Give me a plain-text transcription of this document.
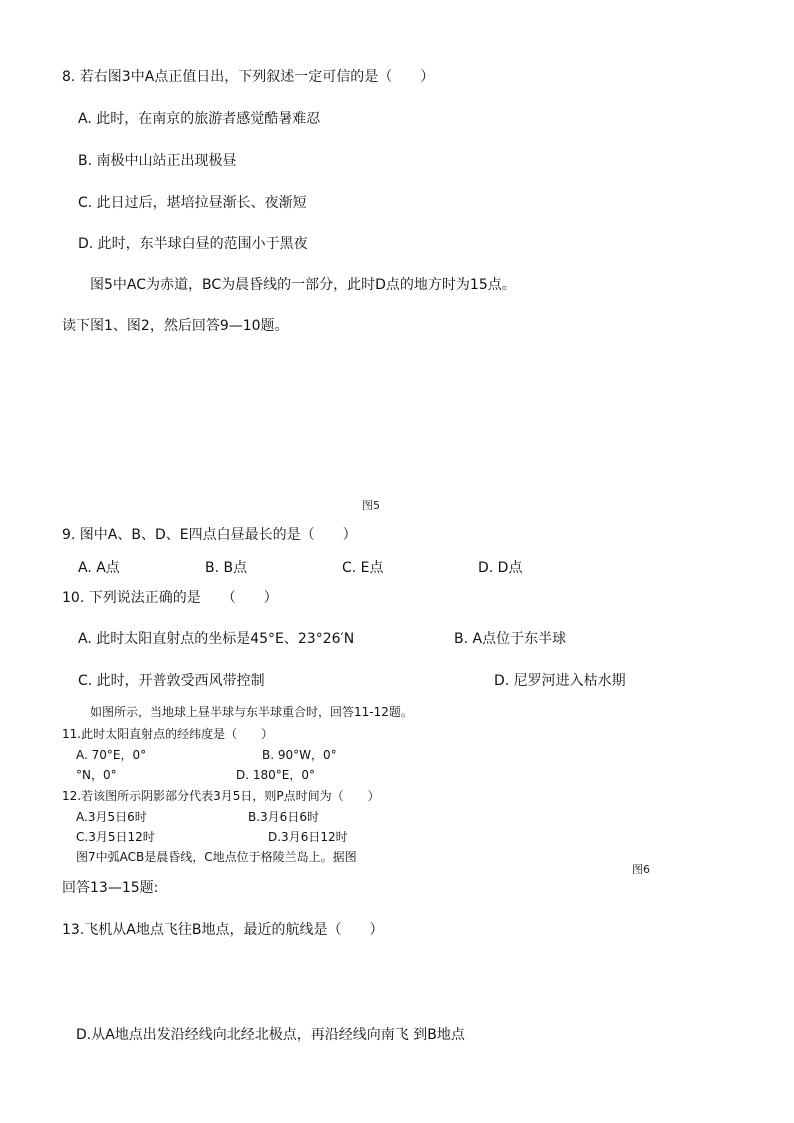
8. 若右图3中A点正值日出，下列叙述一定可信的是（　　）
A. 此时，在南京的旅游者感觉酷暑难忍
B. 南极中山站正出现极昼
C. 此日过后，堪培拉昼渐长、夜渐短
D. 此时，东半球白昼的范围小于黑夜
图5中AC为赤道，BC为晨昏线的一部分，此时D点的地方时为15点。
读下图1、图2，然后回答9—10题。
图5
9. 图中A、B、D、E四点白昼最长的是（　　）
A. A点	B. B点	C. E点	D. D点
10. 下列说法正确的是　　（　　）
A. 此时太阳直射点的坐标是45°E、23°26′N	B. A点位于东半球
C. 此时，开普敦受西风带控制	D. 尼罗河进入枯水期
如图所示，当地球上昼半球与东半球重合时，回答11-12题。
11.此时太阳直射点的经纬度是（　　）
A. 70°E，0°	B. 90°W，0°
°N，0°	D. 180°E，0°
12.若该图所示阴影部分代表3月5日，则P点时间为（　　）
A.3月5日6时	B.3月6日6时
C.3月5日12时	D.3月6日12时
图7中弧ACB是晨昏线，C地点位于格陵兰岛上。据图
图6
回答13—15题:
13.飞机从A地点飞往B地点，最近的航线是（　　）
D.从A地点出发沿经线向北经北极点，再沿经线向南飞 到B地点
